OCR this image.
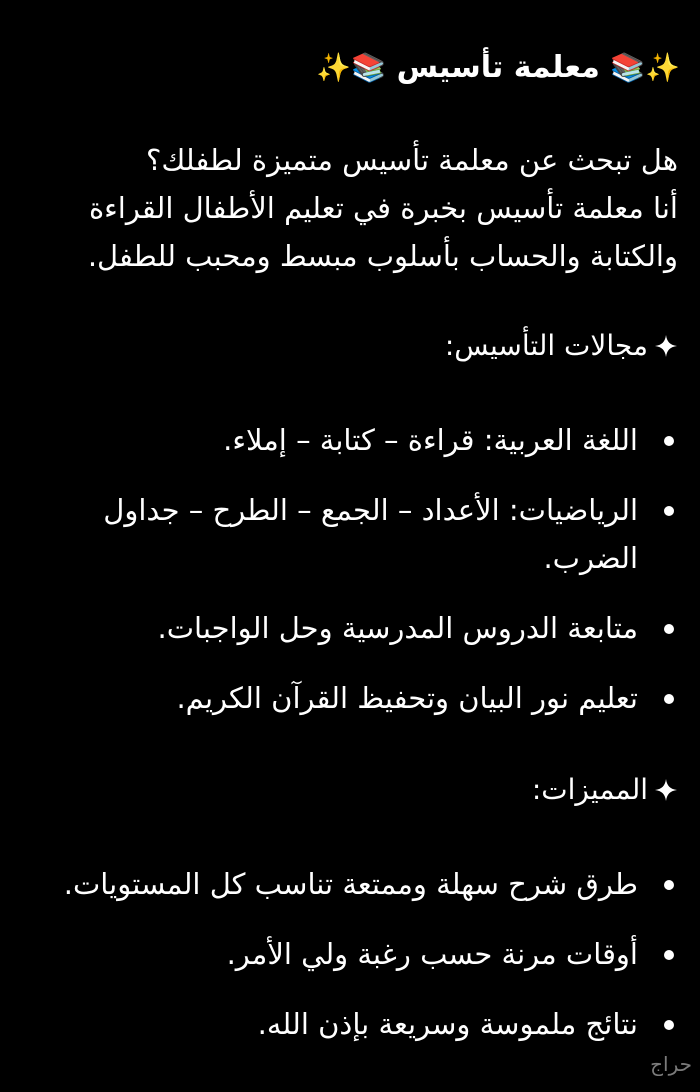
✨📚 معلمة تأسيس 📚✨
هل تبحث عن معلمة تأسيس متميزة لطفلك؟
أنا معلمة تأسيس بخبرة في تعليم الأطفال القراءة
والكتابة والحساب بأسلوب مبسط ومحبب للطفل.
مجالات التأسيس:
اللغة العربية: قراءة – كتابة – إملاء.
الرياضيات: الأعداد – الجمع – الطرح – جداول
الضرب.
متابعة الدروس المدرسية وحل الواجبات.
تعليم نور البيان وتحفيظ القرآن الكريم.
المميزات:
طرق شرح سهلة وممتعة تناسب كل المستويات.
أوقات مرنة حسب رغبة ولي الأمر.
نتائج ملموسة وسريعة بإذن الله.
حراج
